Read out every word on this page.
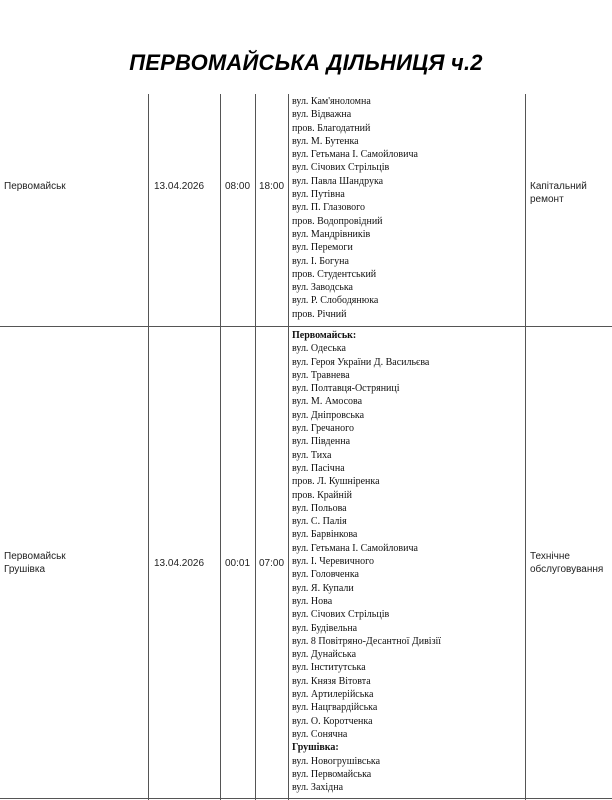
ПЕРВОМАЙСЬКА ДІЛЬНИЦЯ ч.2
Первомайськ	13.04.2026 08:00 18:00	Капітальний
ремонт
вул. Кам'яноломна
вул. Відважна
пров. Благодатний
вул. М. Бутенка
вул. Гетьмана І. Самойловича
вул. Січових Стрільців
вул. Павла Шандрука
вул. Путівна
вул. П. Глазового
пров. Водопровідний
вул. Мандрівників
вул. Перемоги
вул. І. Богуна
пров. Студентський
вул. Заводська
вул. Р. Слободянюка
пров. Річний
Первомайськ
Грушівка
13.04.2026 00:01 07:00
Технічне
обслуговування
Первомайськ:
вул. Одеська
вул. Героя України Д. Васильєва
вул. Травнева
вул. Полтавця-Остряниці
вул. М. Амосова
вул. Дніпровська
вул. Гречаного
вул. Південна
вул. Тиха
вул. Пасічна
пров. Л. Кушніренка
пров. Крайній
вул. Польова
вул. С. Палія
вул. Барвінкова
вул. Гетьмана І. Самойловича
вул. І. Черевичного
вул. Головченка
вул. Я. Купали
вул. Нова
вул. Січових Стрільців
вул. Будівельна
вул. 8 Повітряно-Десантної Дивізії
вул. Дунайська
вул. Інститутська
вул. Князя Вітовта
вул. Артилерійська
вул. Нацгвардійська
вул. О. Коротченка
вул. Сонячна
Грушівка:
вул. Новогрушівська
вул. Первомайська
вул. Західна
